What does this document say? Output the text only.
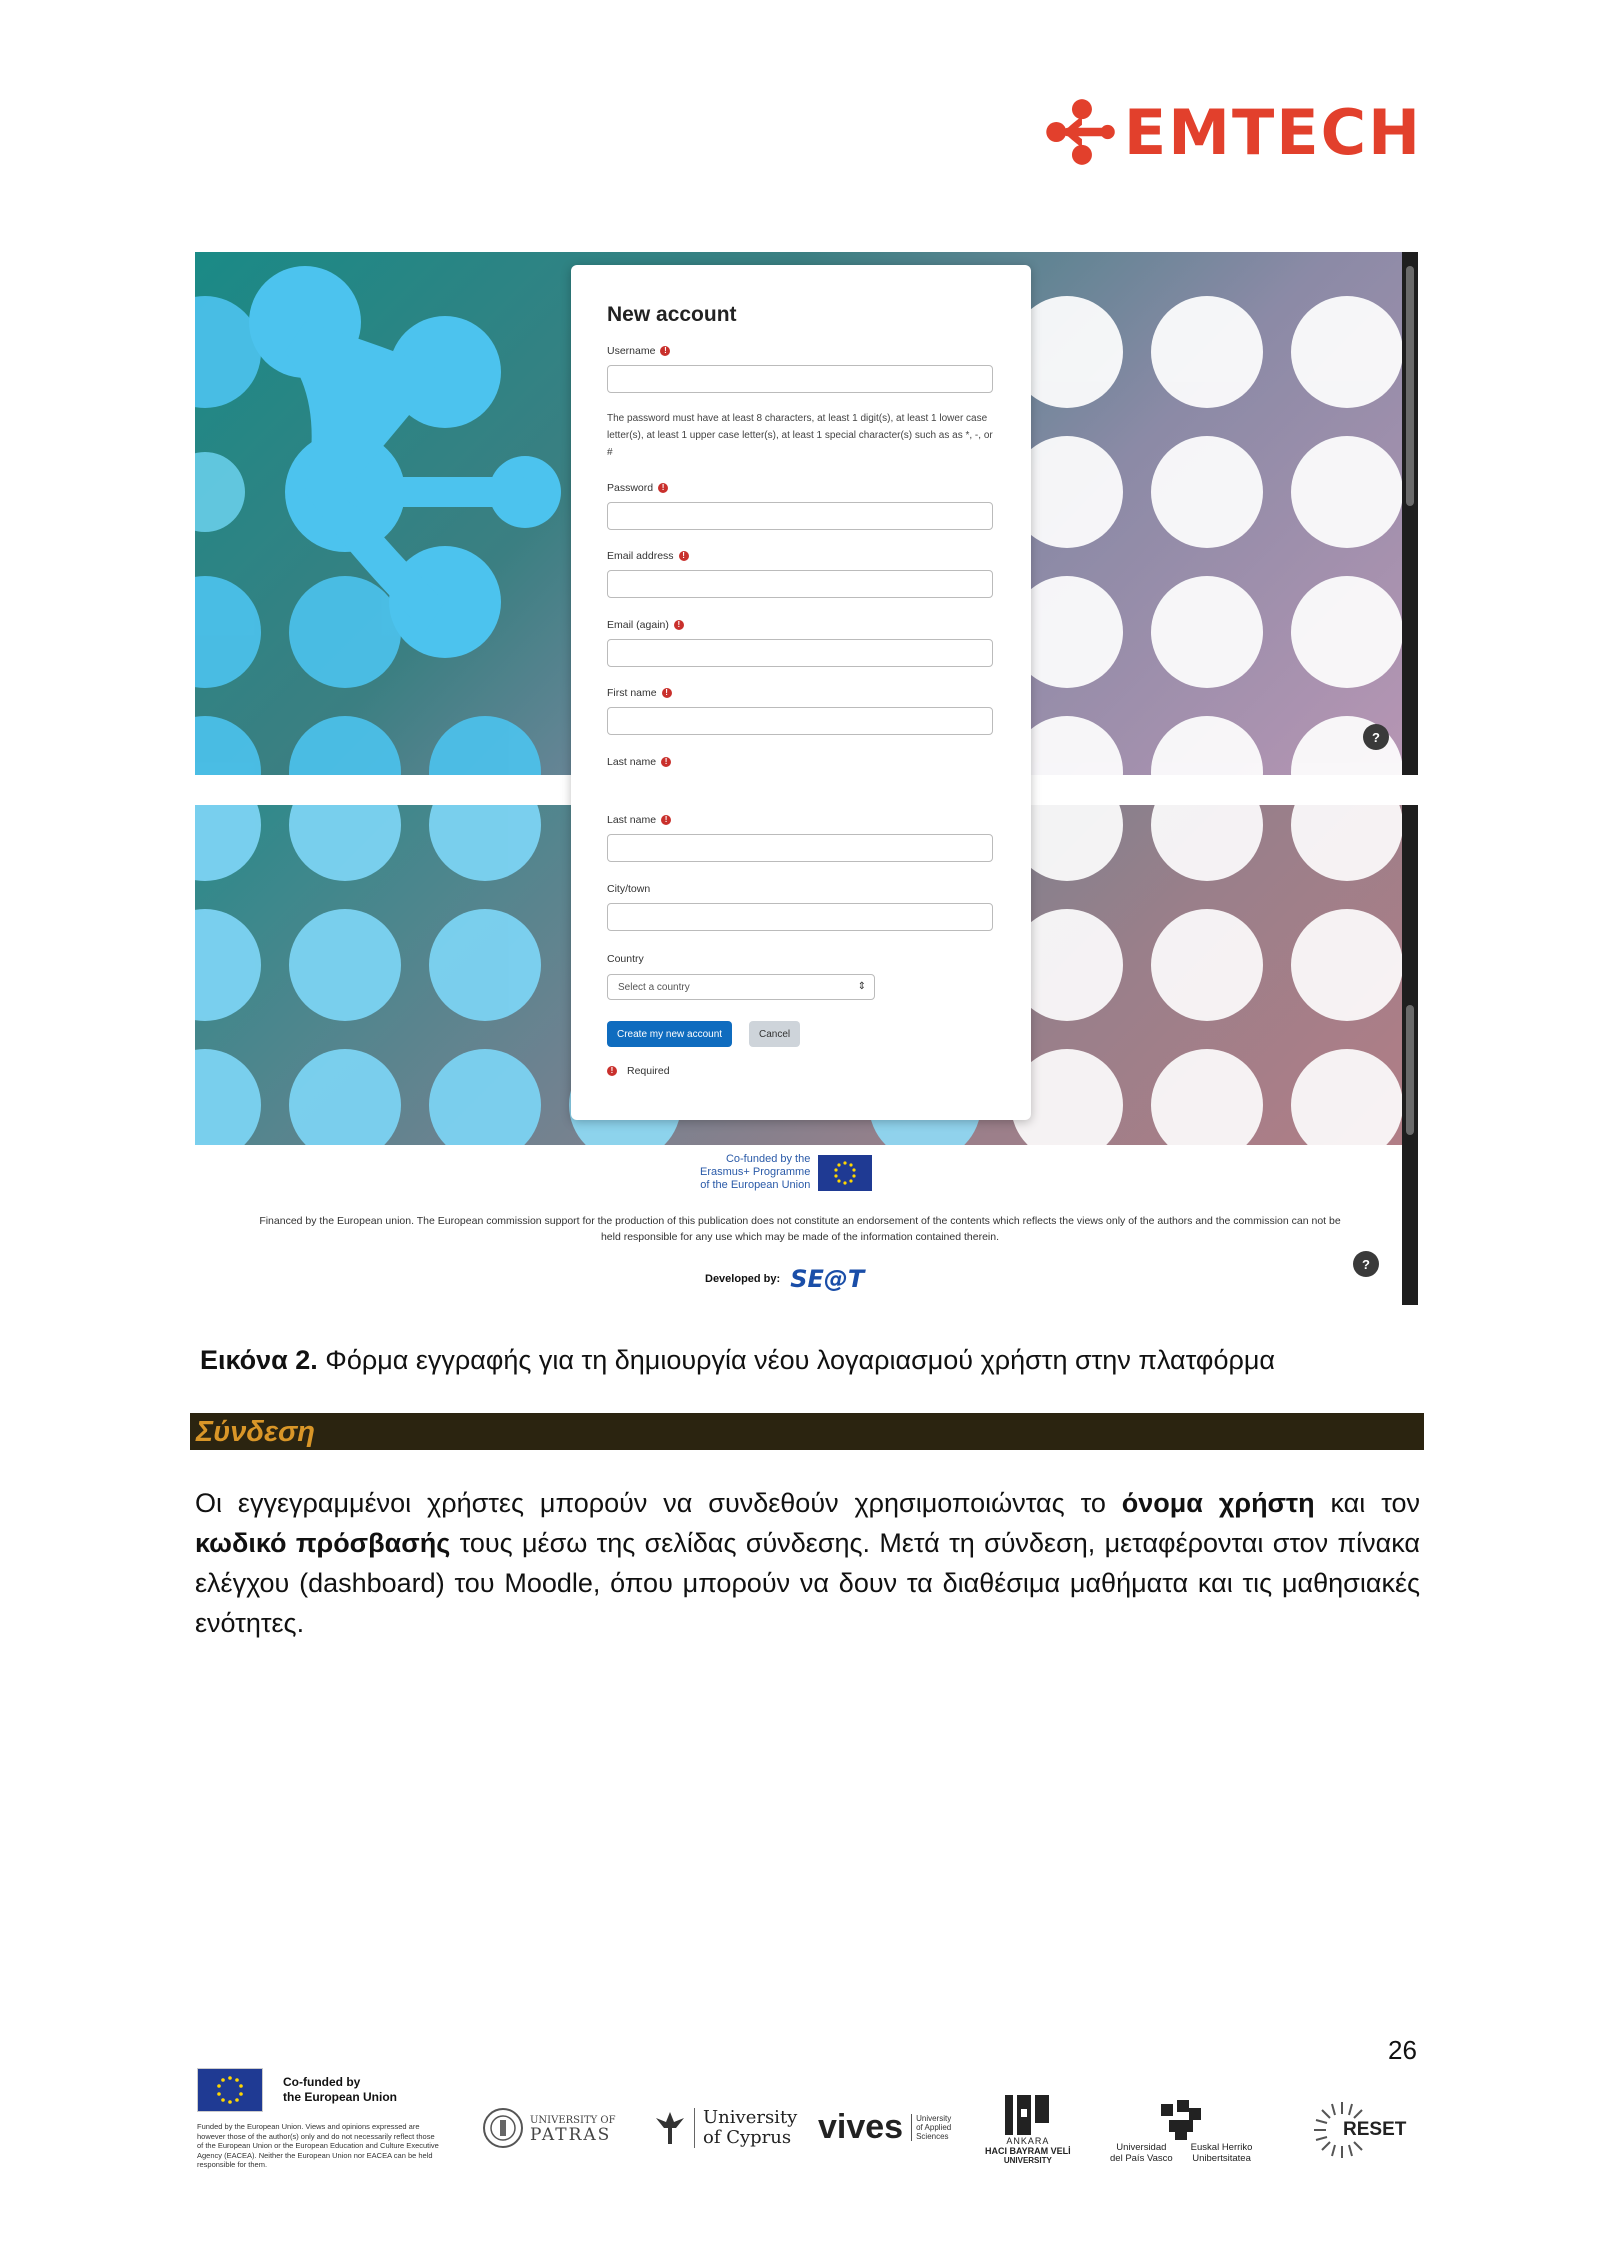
EMTECH
?
Co-funded by the
Erasmus+ Programme
of the European Union
Financed by the European union. The European commission support for the production of this publication does not constitute an endorsement of the contents which reflects the views only of the authors and the commission can not be
held responsible for any use which may be made of the information contained therein.
Developed by: SE@T
?
New account
Username	!
The password must have at least 8 characters, at least 1 digit(s), at least 1 lower case letter(s), at least 1 upper case letter(s), at least 1 special character(s) such as as *, -, or #
Password	!
Email address	!
Email (again)	!
First name	!
Last name	!
Last name	!
City/town
Country
Select a country	⇕
Create my new account	Cancel
!	Required
Εικόνα 2. Φόρμα εγγραφής για τη δημιουργία νέου λογαριασμού χρήστη στην πλατφόρμα
Σύνδεση
Οι εγγεγραμμένοι χρήστες μπορούν να συνδεθούν χρησιμοποιώντας το όνομα χρήστη και τον κωδικό πρόσβασής τους μέσω της σελίδας σύνδεσης. Μετά τη σύνδεση, μεταφέρονται στον πίνακα ελέγχου (dashboard) του Moodle, όπου μπορούν να δουν τα διαθέσιμα μαθήματα και τις μαθησιακές ενότητες.
26
Co-funded by
the European Union
Funded by the European Union. Views and opinions expressed are however those of the author(s) only and do not necessarily reflect those of the European Union or the European Education and Culture Executive Agency (EACEA). Neither the European Union nor EACEA can be held responsible for them.
UNIVERSITY OF
PATRAS
University
of Cyprus vives University
of Applied
Sciences	ANKARA
HACI BAYRAM VELİ
UNIVERSITY
Universidad
del País Vasco
Euskal Herriko
Unibertsitatea
RESET
